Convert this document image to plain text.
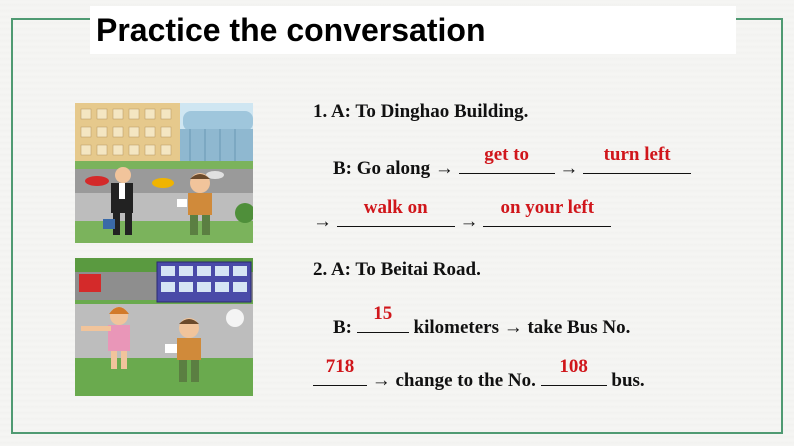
Practice the conversation
1. A: To Dinghao Building.
B: Go along →
get to
→
turn left
→
walk on
→
on your left
2. A: To Beitai Road.
B:
15
kilometers → take Bus No.
718
→ change to the No.
108
bus.
